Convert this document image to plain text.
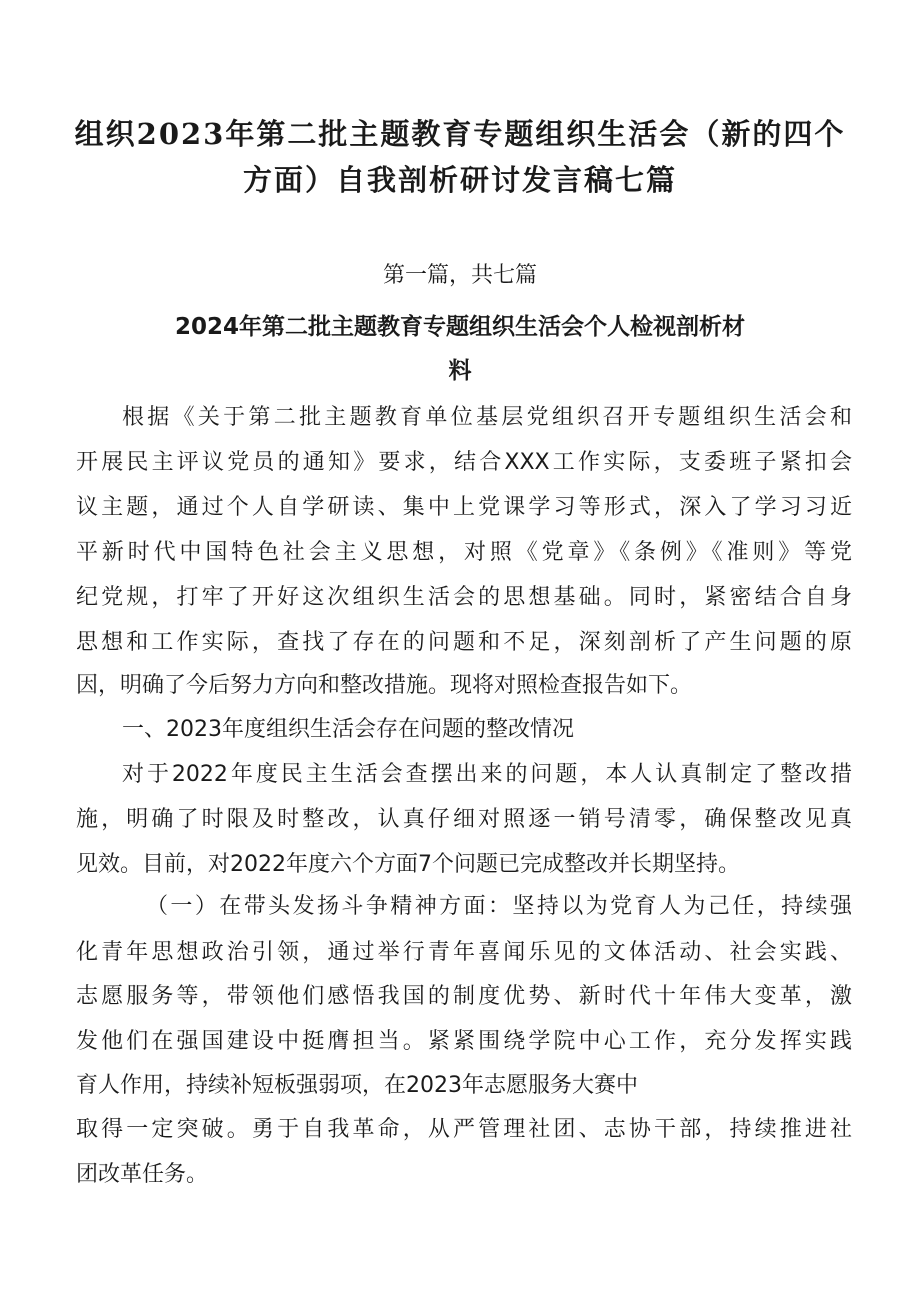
组织2023年第二批主题教育专题组织生活会（新的四个
方面）自我剖析研讨发言稿七篇
第一篇，共七篇
2024年第二批主题教育专题组织生活会个人检视剖析材
料
根据《关于第二批主题教育单位基层党组织召开专题组织生活会和
开展民主评议党员的通知》要求，结合XXX工作实际，支委班子紧扣会
议主题，通过个人自学研读、集中上党课学习等形式，深入了学习习近
平新时代中国特色社会主义思想，对照《党章》《条例》《准则》等党
纪党规，打牢了开好这次组织生活会的思想基础。同时，紧密结合自身
思想和工作实际，查找了存在的问题和不足，深刻剖析了产生问题的原
因，明确了今后努力方向和整改措施。现将对照检查报告如下。
一、2023年度组织生活会存在问题的整改情况
对于2022年度民主生活会查摆出来的问题，本人认真制定了整改措
施，明确了时限及时整改，认真仔细对照逐一销号清零，确保整改见真
见效。目前，对2022年度六个方面7个问题已完成整改并长期坚持。
（一）在带头发扬斗争精神方面：坚持以为党育人为己任，持续强
化青年思想政治引领，通过举行青年喜闻乐见的文体活动、社会实践、
志愿服务等，带领他们感悟我国的制度优势、新时代十年伟大变革，激
发他们在强国建设中挺膺担当。紧紧围绕学院中心工作，充分发挥实践
育人作用，持续补短板强弱项，在2023年志愿服务大赛中
取得一定突破。勇于自我革命，从严管理社团、志协干部，持续推进社
团改革任务。
